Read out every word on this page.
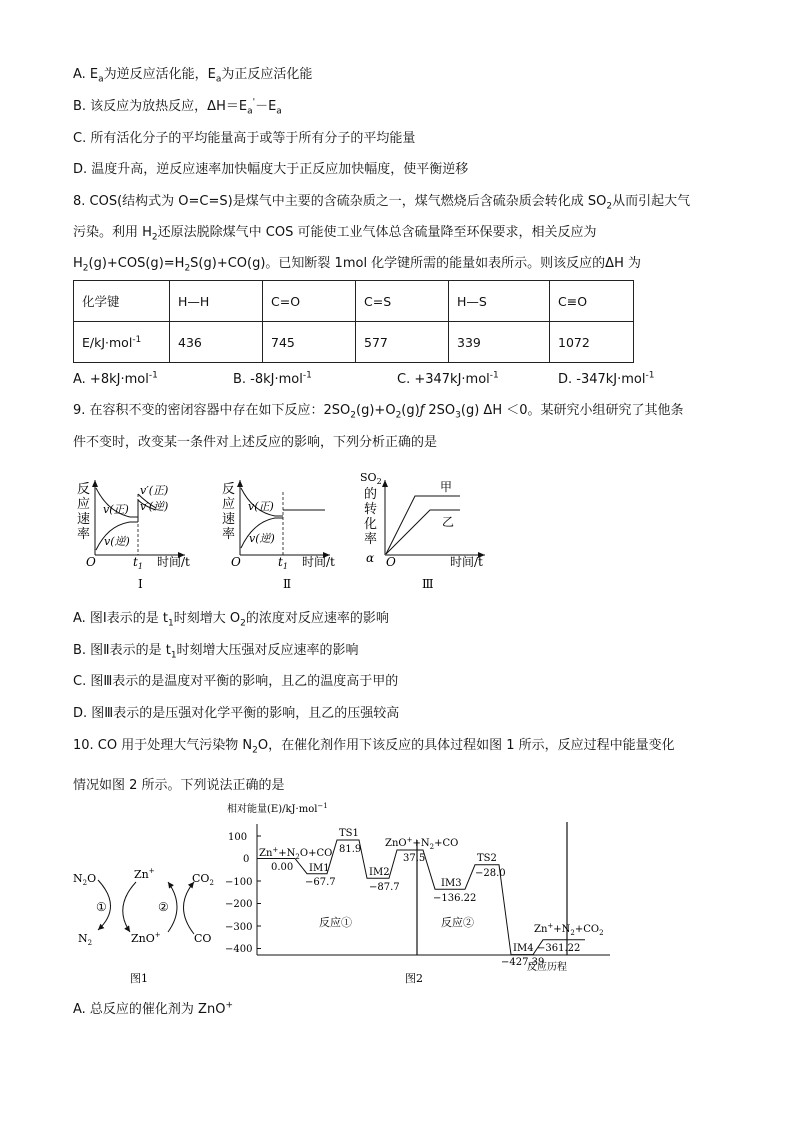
A. $E_a$为逆反应活化能，$E_a$为正反应活化能
B. 该反应为放热反应，$\Delta H=E_a'-E_a$
C. 所有活化分子的平均能量高于或等于所有分子的平均能量
D. 温度升高，逆反应速率加快幅度大于正反应加快幅度，使平衡逆移
8. COS(结构式为 O=C=S)是煤气中主要的含硫杂质之一，煤气燃烧后含硫杂质会转化成 $SO_2$从而引起大气
污染。利用 $H_2$还原法脱除煤气中 COS 可能使工业气体总含硫量降至环保要求，相关反应为
$H_2(g)+COS(g)=H_2S(g)+CO(g)$。已知断裂 1mol 化学键所需的能量如表所示。则该反应的ΔH 为
化学键	H—H	C=O	C=S	H—S	C≡O
E/kJ·mol$^{-1}$	436	745	577	339	1072
A. +8kJ·mol$^{-1}$	B. -8kJ·mol$^{-1}$	C. +347kJ·mol$^{-1}$	D. -347kJ·mol$^{-1}$
9. 在容积不变的密闭容器中存在如下反应：$2SO_2(g)+O_2(g)ƒ$ $2SO_3(g)$ ΔH ＜0。某研究小组研究了其他条
件不变时，改变某一条件对上述反应的影响，下列分析正确的是
反
应
速
率
v(正)
v(逆)
v′(正)
v′(逆)
O	$t_1$ 时间/t
Ⅰ
反
应
速
率
v(正)
v(逆)
O	$t_1$ 时间/t
Ⅱ
$SO_2$
的
转
化
率
α
甲
乙
O	时间/t
Ⅲ
A. 图Ⅰ表示的是 $t_1$时刻增大 $O_2$的浓度对反应速率的影响
B. 图Ⅱ表示的是 $t_1$时刻增大压强对反应速率的影响
C. 图Ⅲ表示的是温度对平衡的影响，且乙的温度高于甲的
D. 图Ⅲ表示的是压强对化学平衡的影响，且乙的压强较高
10. CO 用于处理大气污染物 $N_2O$，在催化剂作用下该反应的具体过程如图 1 所示，反应过程中能量变化
情况如图 2 所示。下列说法正确的是
$N_2O$	Zn+
$CO_2$
$N_2$	ZnO+	CO
①	②
图1
相对能量(E)/kJ·mol$^{-1}$
100
0
−100
−200
−300
−400
$Zn^++N_2O+CO$
0.00 IM1
−67.7
TS1
81.9
IM2
−87.7
$ZnO^++N_2+CO$
37.5
IM3
−136.22
TS2
−28.0
IM4
−427.39
$Zn^++N_2+CO_2$
−361.22
反应①	反应②
反应历程
图2
A. 总反应的催化剂为 ZnO+
